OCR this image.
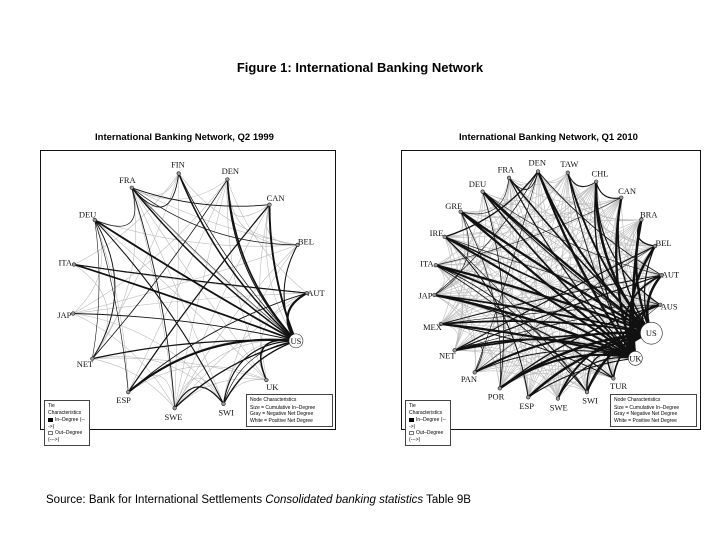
Figure 1: International Banking Network
International Banking Network, Q2 1999	International Banking Network, Q1 2010
FIN
DEN
CAN
BEL
AUT
US
UK
SWI
SWE
ESP
NET
JAP
ITA
DEU
FRA
Tie Characteristics
In–Degree (--->)
Out–Degree (--->)
Node Characteristics
Size = Cumulative In–Degree
Gray = Negative Net Degree
White = Positive Net Degree
TAW
CHL
CAN
BRA
BEL
AUT
AUS
US
UK
TUR
SWI
SWE
ESP
POR
PAN
NET
MEX
JAP
ITA
IRE
GRE
DEU
FRA
DEN
Tie Characteristics
In–Degree (--->)
Out–Degree (--->)
Node Characteristics
Size = Cumulative In–Degree
Gray = Negative Net Degree
White = Positive Net Degree
Source: Bank for International Settlements Consolidated banking statistics Table 9B
